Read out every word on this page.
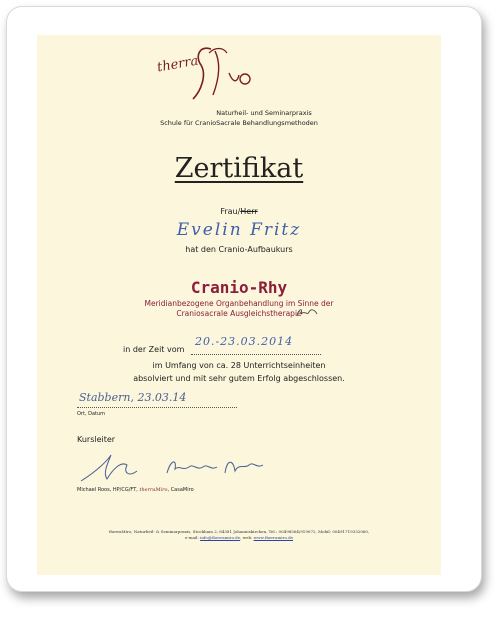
therra
Naturheil- und Seminarpraxis
Schule für CranioSacrale Behandlungsmethoden
Zertifikat
Frau/Herr
Evelin Fritz
hat den Cranio-Aufbaukurs
Cranio-Rhy
Meridianbezogene Organbehandlung im Sinne der
Craniosacrale Ausgleichstherapie
in der Zeit vom
20.-23.03.2014

im Umfang von ca. 28 Unterrichtseinheiten
absolviert und mit sehr gutem Erfolg abgeschlossen.
Stabbern, 23.03.14
Ort, Datum
Kursleiter
Michael Roos, HP/CG/FT, therraMiro, CasaMiro
therraMiro, Naturheil- & Seminarpraxis, Stockham 2, 84381 Johanniskirchen, Tel.: 00498564/919072, Mobil: 00491719332060,
e-mail: info@therramiro.de, web: www.therramiro.de
